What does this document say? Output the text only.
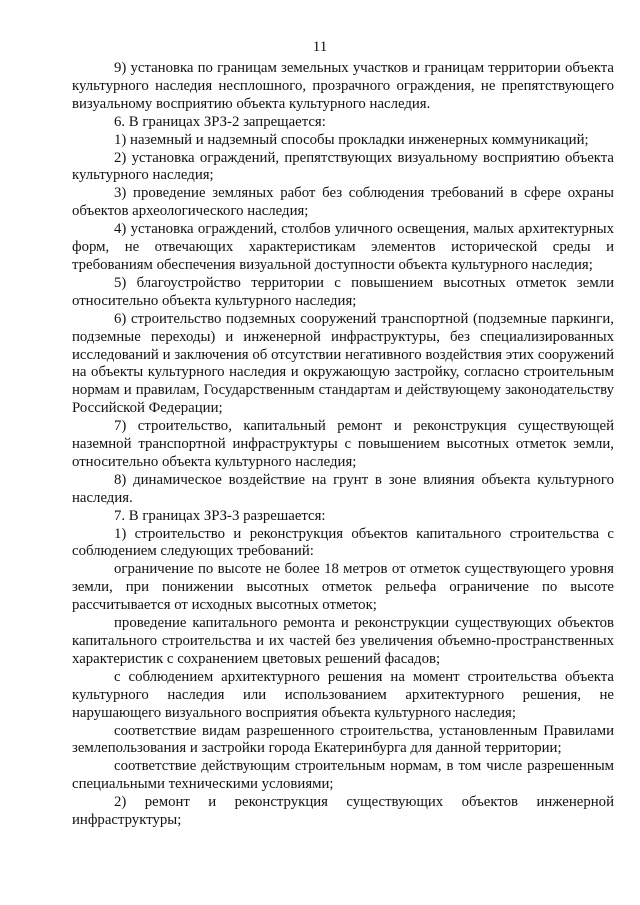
11

9) установка по границам земельных участков и границам территории объекта культурного наследия несплошного, прозрачного ограждения, не препятствующего визуальному восприятию объекта культурного наследия.

6. В границах ЗРЗ-2 запрещается:

1) наземный и надземный способы прокладки инженерных коммуникаций;

2) установка ограждений, препятствующих визуальному восприятию объекта культурного наследия;

3) проведение земляных работ без соблюдения требований в сфере охраны объектов археологического наследия;

4) установка ограждений, столбов уличного освещения, малых архитектурных форм, не отвечающих характеристикам элементов исторической среды и требованиям обеспечения визуальной доступности объекта культурного наследия;

5) благоустройство территории с повышением высотных отметок земли относительно объекта культурного наследия;

6) строительство подземных сооружений транспортной (подземные паркинги, подземные переходы) и инженерной инфраструктуры, без специализированных исследований и заключения об отсутствии негативного воздействия этих сооружений на объекты культурного наследия и окружающую застройку, согласно строительным нормам и правилам, Государственным стандартам и действующему законодательству Российской Федерации;

7) строительство, капитальный ремонт и реконструкция существующей наземной транспортной инфраструктуры с повышением высотных отметок земли, относительно объекта культурного наследия;

8) динамическое воздействие на грунт в зоне влияния объекта культурного наследия.

7. В границах ЗРЗ-3 разрешается:

1) строительство и реконструкция объектов капитального строительства с соблюдением следующих требований:

ограничение по высоте не более 18 метров от отметок существующего уровня земли, при понижении высотных отметок рельефа ограничение по высоте рассчитывается от исходных высотных отметок;

проведение капитального ремонта и реконструкции существующих объектов капитального строительства и их частей без увеличения объемно-пространственных характеристик с сохранением цветовых решений фасадов;

с соблюдением архитектурного решения на момент строительства объекта культурного наследия или использованием архитектурного решения, не нарушающего визуального восприятия объекта культурного наследия;

соответствие видам разрешенного строительства, установленным Правилами землепользования и застройки города Екатеринбурга для данной территории;

соответствие действующим строительным нормам, в том числе разрешенным специальными техническими условиями;

2) ремонт и реконструкция существующих объектов инженерной инфраструктуры;
